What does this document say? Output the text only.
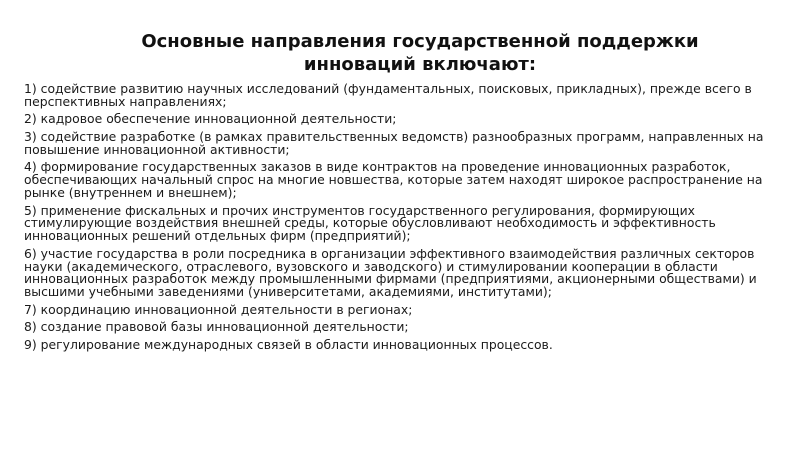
Основные направления государственной поддержки
инноваций включают:
1) содействие развитию научных исследований (фундаментальных, поисковых, прикладных), прежде всего в перспективных направлениях;
2) кадровое обеспечение инновационной деятельности;
3) содействие разработке (в рамках правительственных ведомств) разнообразных программ, направленных на повышение инновационной активности;
4) формирование государственных заказов в виде контрактов на проведение инновационных разработок, обеспечивающих начальный спрос на многие новшества, которые затем находят широкое распространение на рынке (внутреннем и внешнем);
5) применение фискальных и прочих инструментов государственного регулирования, формирующих стимулирующие воздействия внешней среды, которые обусловливают необходимость и эффективность инновационных решений отдельных фирм (предприятий);
6) участие государства в роли посредника в организации эффективного взаимодействия различных секторов науки (академического, отраслевого, вузовского и заводского) и стимулировании кооперации в области инновационных разработок между промышленными фирмами (предприятиями, акционерными обществами) и высшими учебными заведениями (университетами, академиями, институтами);
7) координацию инновационной деятельности в регионах;
8) создание правовой базы инновационной деятельности;
9) регулирование международных связей в области инновационных процессов.
